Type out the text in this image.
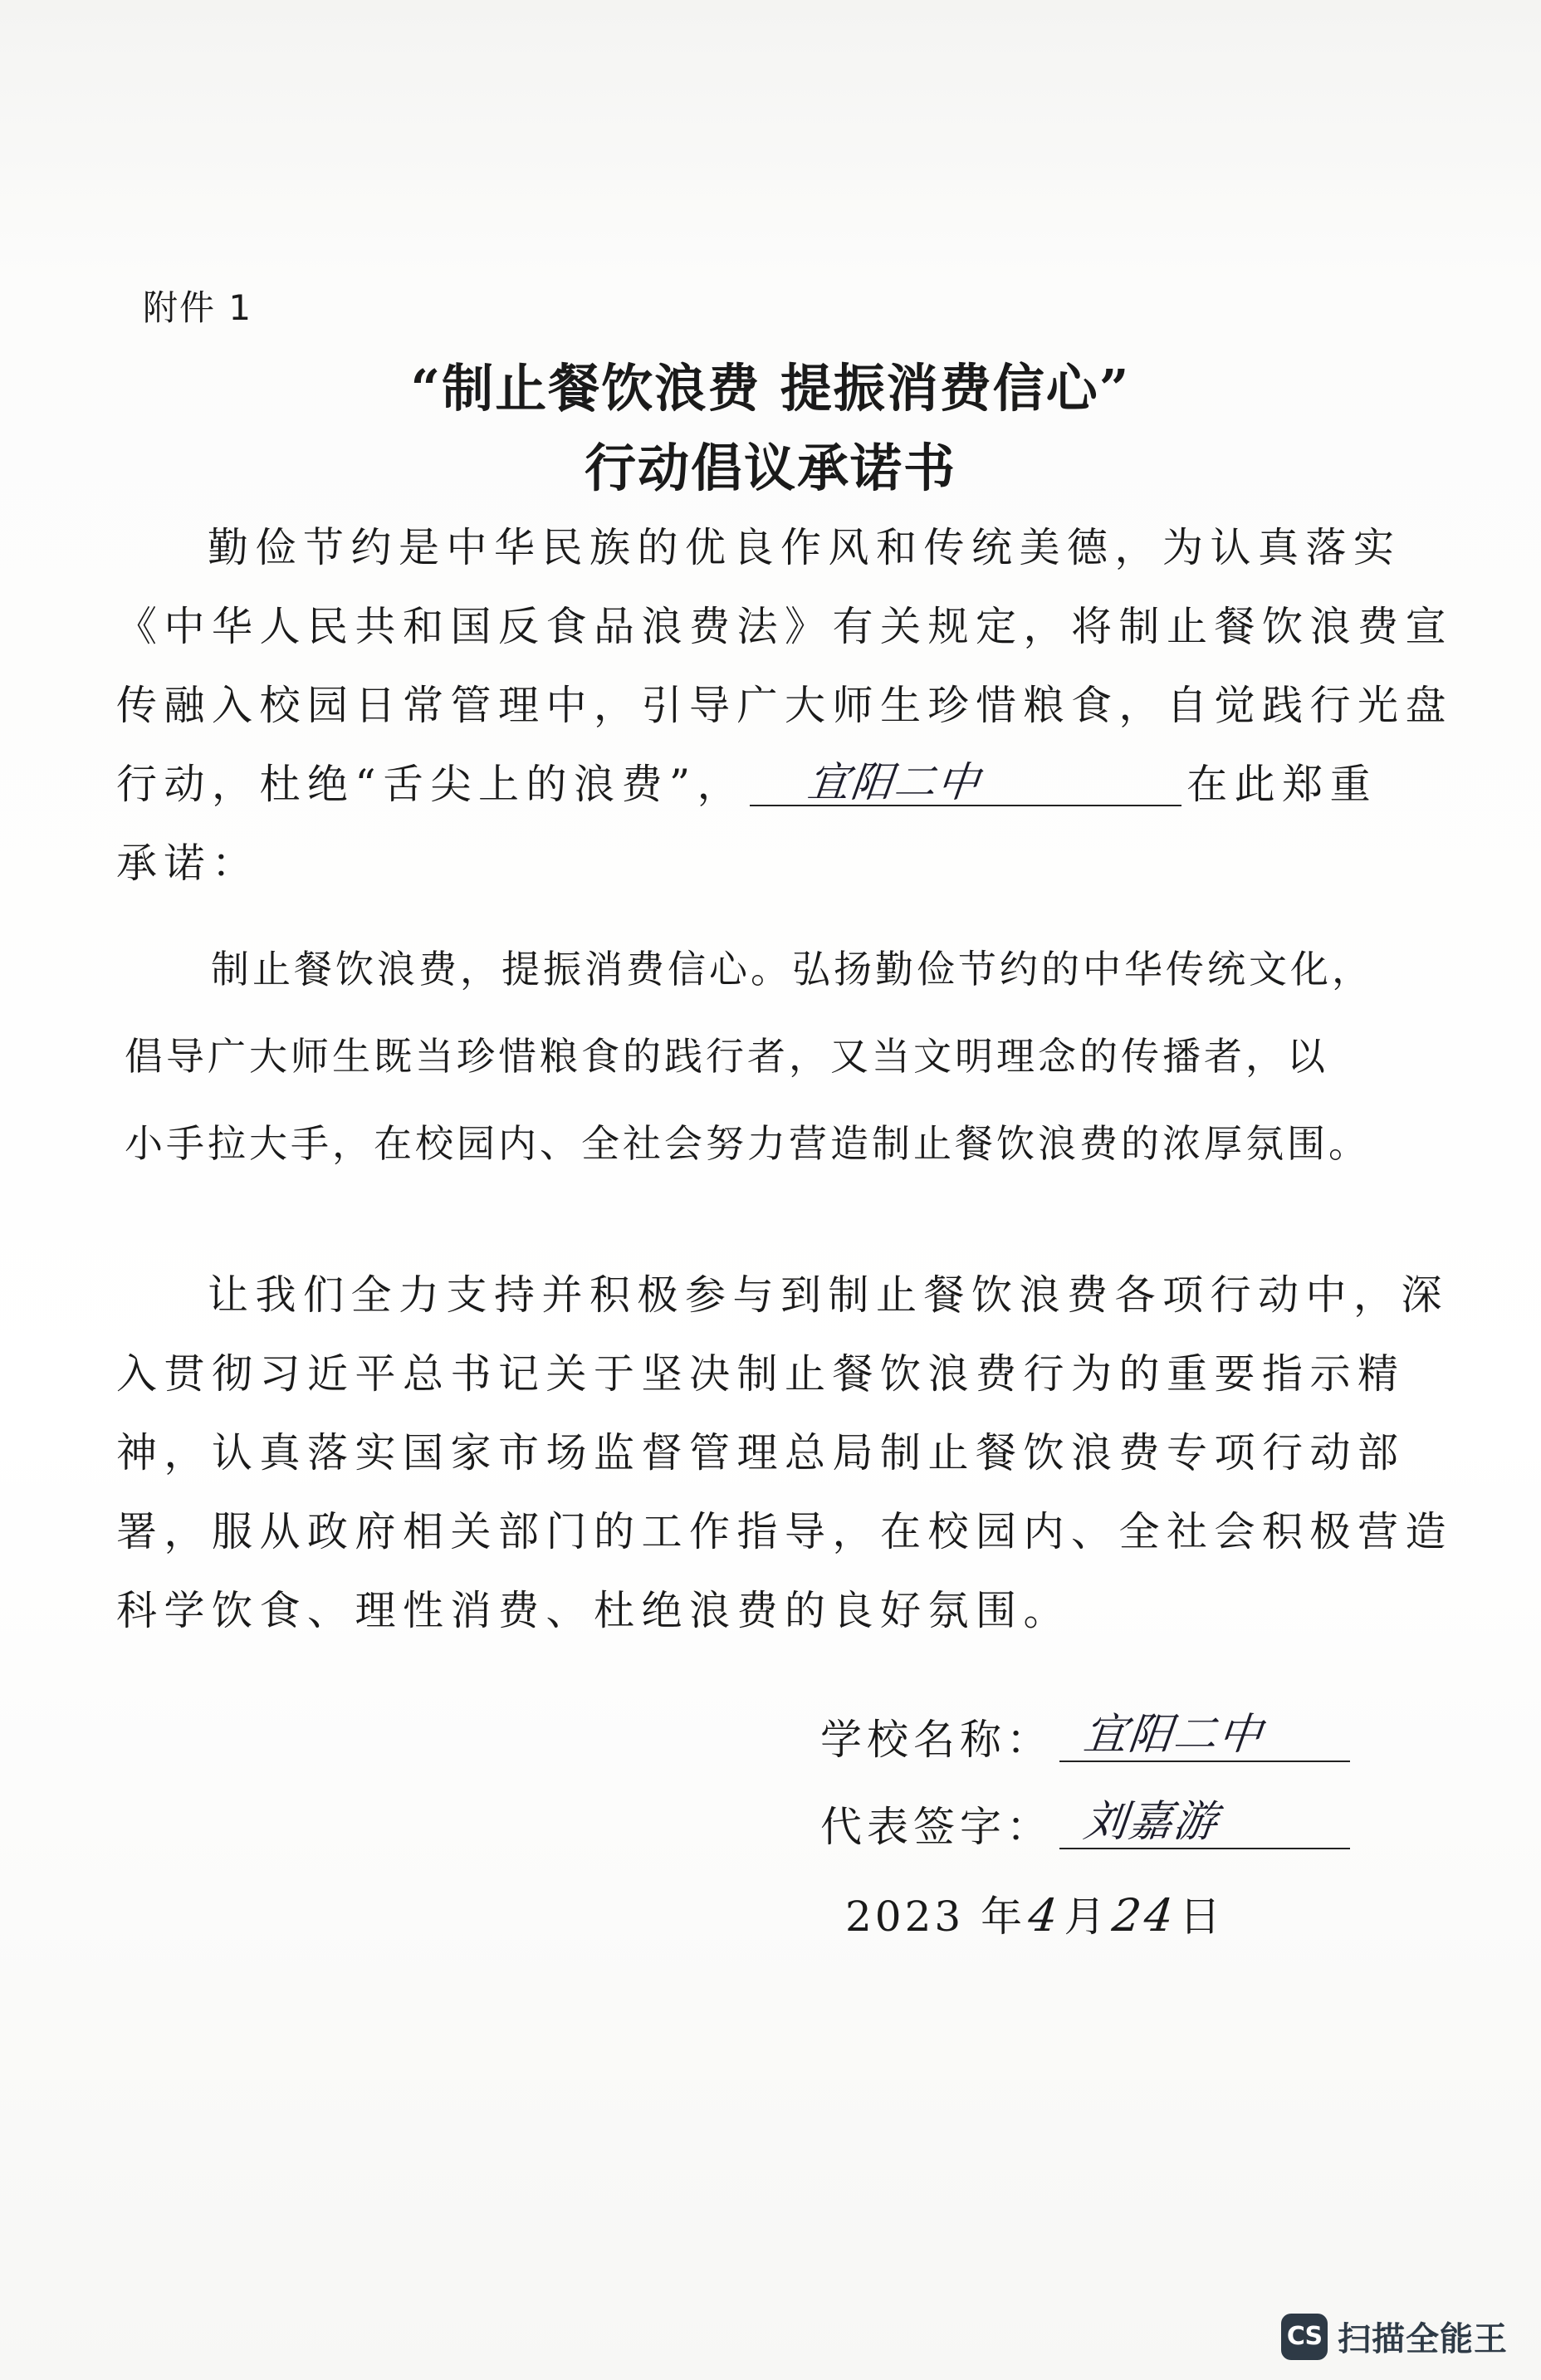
附件 1
“制止餐饮浪费 提振消费信心”
行动倡议承诺书
勤俭节约是中华民族的优良作风和传统美德，为认真落实
《中华人民共和国反食品浪费法》有关规定，将制止餐饮浪费宣
传融入校园日常管理中，引导广大师生珍惜粮食，自觉践行光盘
行动，杜绝“舌尖上的浪费”， 宜阳二中	在此郑重
承诺：
制止餐饮浪费，提振消费信心。弘扬勤俭节约的中华传统文化，
倡导广大师生既当珍惜粮食的践行者，又当文明理念的传播者，以
小手拉大手，在校园内、全社会努力营造制止餐饮浪费的浓厚氛围。
让我们全力支持并积极参与到制止餐饮浪费各项行动中，深
入贯彻习近平总书记关于坚决制止餐饮浪费行为的重要指示精
神，认真落实国家市场监督管理总局制止餐饮浪费专项行动部
署，服从政府相关部门的工作指导，在校园内、全社会积极营造
科学饮食、理性消费、杜绝浪费的良好氛围。
学校名称： 宜阳二中
代表签字： 刘嘉游
2023 年4月24日
CS 扫描全能王
